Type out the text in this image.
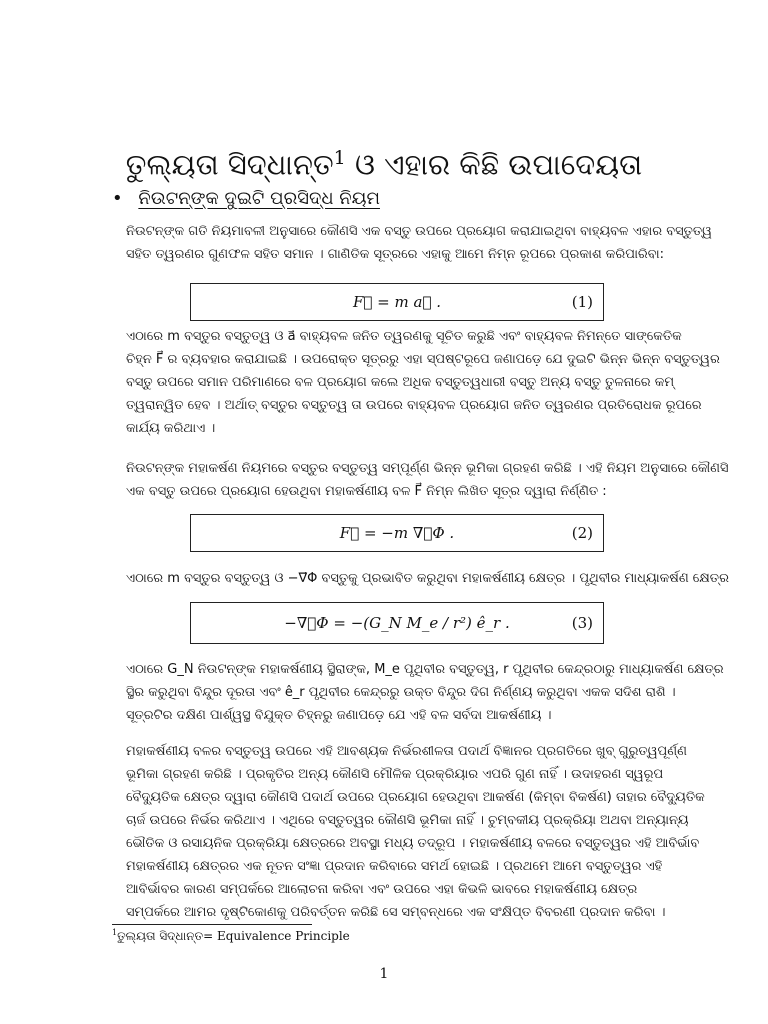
ତୁଲ୍ୟତା ସିଦ୍ଧାନ୍ତ$^1$ ଓ ଏହାର କିଛି ଉପାଦେୟତା
• ନିଉଟନ୍‌ଙ୍କ ଦୁଇଟି ପ୍ରସିଦ୍ଧ ନିୟମ
ନିଉଟନ୍‌ଙ୍କ ଗତି ନିୟମାବଳୀ ଅନୁସାରେ କୌଣସି ଏକ ବସ୍ତୁ ଉପରେ ପ୍ରୟୋଗ କରାଯାଇଥିବା ବାହ୍ୟବଳ ଏହାର ବସ୍ତୁତ୍ୱ
ସହିତ ତ୍ୱରଣର ଗୁଣଫଳ ସହିତ ସମାନ । ଗାଣିତିକ ସୂତ୍ରରେ ଏହାକୁ ଆମେ ନିମ୍ନ ରୂପରେ ପ୍ରକାଶ କରିପାରିବା:
F⃗ = m a⃗ .	(1)
ଏଠାରେ m ବସ୍ତୁର ବସ୍ତୁତ୍ୱ ଓ a⃗ ବାହ୍ୟବଳ ଜନିତ ତ୍ୱରଣକୁ ସୂଚିତ କରୁଛି ଏବଂ ବାହ୍ୟବଳ ନିମନ୍ତେ ସାଙ୍କେତିକ
ଚିହ୍ନ F⃗ ର ବ୍ୟବହାର କରାଯାଇଛି । ଉପରୋକ୍ତ ସୂତ୍ରରୁ ଏହା ସ୍ପଷ୍ଟରୂପେ ଜଣାପଡ଼େ ଯେ ଦୁଇଟି ଭିନ୍ନ ଭିନ୍ନ ବସ୍ତୁତ୍ୱର
ବସ୍ତୁ ଉପରେ ସମାନ ପରିମାଣରେ ବଳ ପ୍ରୟୋଗ କଲେ ଅଧିକ ବସ୍ତୁତ୍ୱଧାରୀ ବସ୍ତୁ ଅନ୍ୟ ବସ୍ତୁ ତୁଳନାରେ କମ୍
ତ୍ୱରାନ୍ୱିତ ହେବ । ଅର୍ଥାତ୍ ବସ୍ତୁର ବସ୍ତୁତ୍ୱ ତା ଉପରେ ବାହ୍ୟବଳ ପ୍ରୟୋଗ ଜନିତ ତ୍ୱରଣର ପ୍ରତିରୋଧକ ରୂପରେ
କାର୍ଯ୍ୟ କରିଥାଏ ।
ନିଉଟନ୍‌ଙ୍କ ମହାକର୍ଷଣ ନିୟମରେ ବସ୍ତୁର ବସ୍ତୁତ୍ୱ ସମ୍ପୂର୍ଣ୍ଣ ଭିନ୍ନ ଭୂମିକା ଗ୍ରହଣ କରିଛି । ଏହି ନିୟମ ଅନୁସାରେ କୌଣସି
ଏକ ବସ୍ତୁ ଉପରେ ପ୍ରୟୋଗ ହେଉଥିବା ମହାକର୍ଷଣୀୟ ବଳ F⃗ ନିମ୍ନ ଲିଖିତ ସୂତ୍ର ଦ୍ୱାରା ନିର୍ଣ୍ଣିତ :
F⃗ = −m ∇⃗Φ .	(2)
ଏଠାରେ m ବସ୍ତୁର ବସ୍ତୁତ୍ୱ ଓ −∇⃗Φ ବସ୍ତୁକୁ ପ୍ରଭାବିତ କରୁଥିବା ମହାକର୍ଷଣୀୟ କ୍ଷେତ୍ର । ପୃଥିବୀର ମାଧ୍ୟାକର୍ଷଣ କ୍ଷେତ୍ର
−∇⃗Φ = −(G_N M_e / r²) ê_r .	(3)
ଏଠାରେ G_N ନିଉଟନ୍‌ଙ୍କ ମହାକର୍ଷଣୀୟ ସ୍ଥିରାଙ୍କ, M_e ପୃଥିବୀର ବସ୍ତୁତ୍ୱ, r ପୃଥିବୀର କେନ୍ଦ୍ରଠାରୁ ମାଧ୍ୟାକର୍ଷଣ କ୍ଷେତ୍ର
ସ୍ଥିର କରୁଥିବା ବିନ୍ଦୁର ଦୂରତା ଏବଂ ê_r ପୃଥିବୀର କେନ୍ଦ୍ରରୁ ଉକ୍ତ ବିନ୍ଦୁର ଦିଗ ନିର୍ଣ୍ଣୟ କରୁଥିବା ଏକକ ସଦିଶ ରାଶି ।
ସୂତ୍ରଟିର ଦକ୍ଷିଣ ପାର୍ଶ୍ୱସ୍ଥ ବିଯୁକ୍ତ ଚିହ୍ନରୁ ଜଣାପଡ଼େ ଯେ ଏହି ବଳ ସର୍ବଦା ଆକର୍ଷଣୀୟ ।
ମହାକର୍ଷଣୀୟ ବଳର ବସ୍ତୁତ୍ୱ ଉପରେ ଏହି ଆବଶ୍ୟକ ନିର୍ଭରଶୀଳତା ପଦାର୍ଥ ବିଜ୍ଞାନର ପ୍ରଗତିରେ ଖୁବ୍ ଗୁରୁତ୍ୱପୂର୍ଣ୍ଣ
ଭୂମିକା ଗ୍ରହଣ କରିଛି । ପ୍ରକୃତିର ଅନ୍ୟ କୌଣସି ମୌଳିକ ପ୍ରକ୍ରିୟାର ଏପରି ଗୁଣ ନାହିଁ । ଉଦାହରଣ ସ୍ୱରୂପ
ବୈଦ୍ୟୁତିକ କ୍ଷେତ୍ର ଦ୍ୱାରା କୌଣସି ପଦାର୍ଥ ଉପରେ ପ୍ରୟୋଗ ହେଉଥିବା ଆକର୍ଷଣ (କିମ୍ବା ବିକର୍ଷଣ) ତାହାର ବୈଦ୍ୟୁତିକ
ଚାର୍ଜ ଉପରେ ନିର୍ଭର କରିଥାଏ । ଏଥିରେ ବସ୍ତୁତ୍ୱର କୌଣସି ଭୂମିକା ନାହିଁ । ଚୁମ୍ବକୀୟ ପ୍ରକ୍ରିୟା ଅଥବା ଅନ୍ୟାନ୍ୟ
ଭୌତିକ ଓ ରସାୟନିକ ପ୍ରକ୍ରିୟା କ୍ଷେତ୍ରରେ ଅବସ୍ଥା ମଧ୍ୟ ତଦ୍ରୂପ । ମହାକର୍ଷଣୀୟ ବଳରେ ବସ୍ତୁତ୍ୱର ଏହି ଆବିର୍ଭାବ
ମହାକର୍ଷଣୀୟ କ୍ଷେତ୍ରର ଏକ ନୂତନ ସଂଜ୍ଞା ପ୍ରଦାନ କରିବାରେ ସମର୍ଥ ହୋଇଛି । ପ୍ରଥମେ ଆମେ ବସ୍ତୁତ୍ୱର ଏହି
ଆବିର୍ଭାବର କାରଣ ସମ୍ପର୍କରେ ଆଲୋଚନା କରିବା ଏବଂ ଉପରେ ଏହା କିଭଳି ଭାବରେ ମହାକର୍ଷଣୀୟ କ୍ଷେତ୍ର
ସମ୍ପର୍କରେ ଆମର ଦୃଷ୍ଟିକୋଣକୁ ପରିବର୍ତ୍ତନ କରିଛି ସେ ସମ୍ବନ୍ଧରେ ଏକ ସଂକ୍ଷିପ୍ତ ବିବରଣୀ ପ୍ରଦାନ କରିବା ।
$^1$ତୁଲ୍ୟତା ସିଦ୍ଧାନ୍ତ= Equivalence Principle
1
